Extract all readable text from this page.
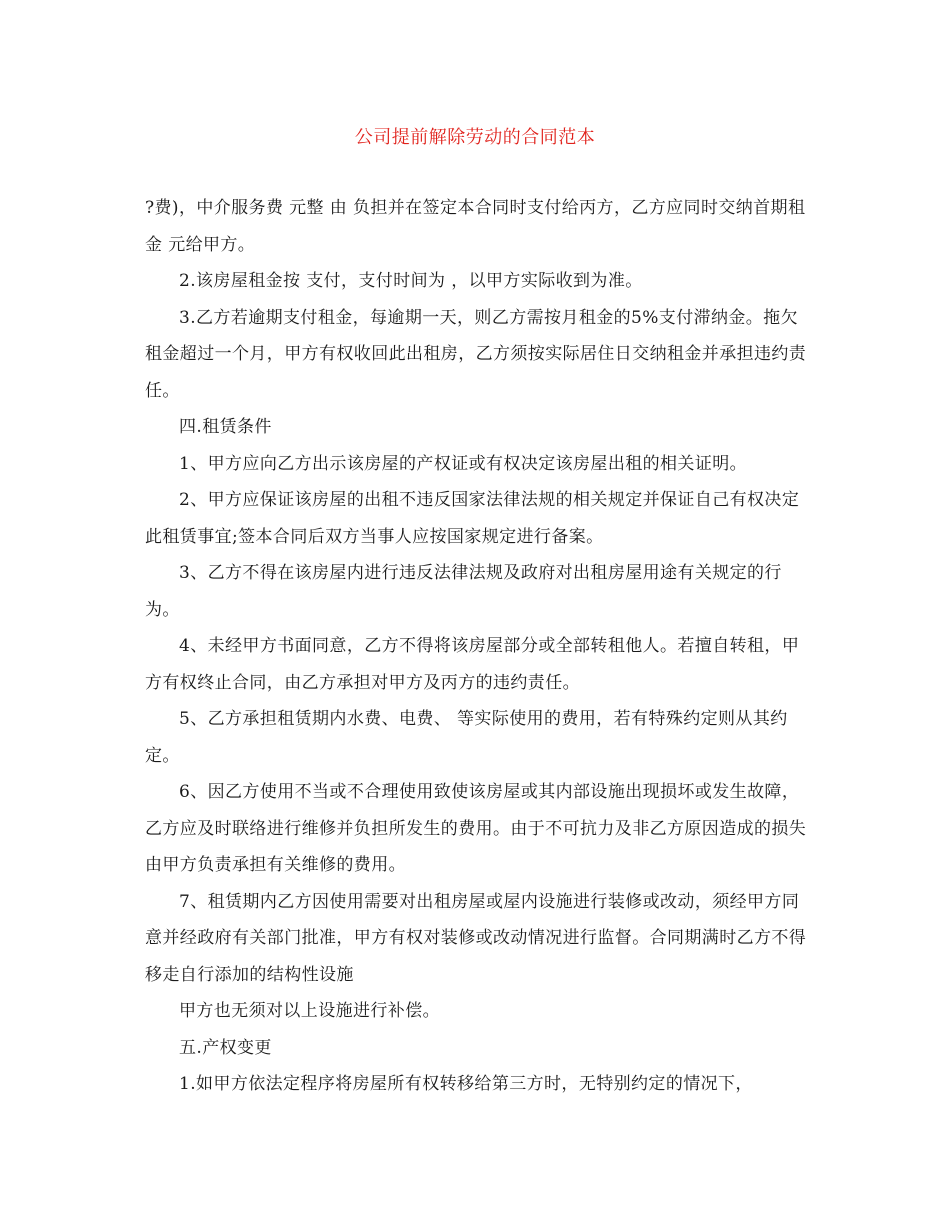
公司提前解除劳动的合同范本

?费)，中介服务费 元整 由 负担并在签定本合同时支付给丙方，乙方应同时交纳首期租金 元给甲方。

2.该房屋租金按 支付，支付时间为 ，以甲方实际收到为准。

3.乙方若逾期支付租金，每逾期一天，则乙方需按月租金的5%支付滞纳金。拖欠租金超过一个月，甲方有权收回此出租房，乙方须按实际居住日交纳租金并承担违约责任。

四.租赁条件

1、甲方应向乙方出示该房屋的产权证或有权决定该房屋出租的相关证明。

2、甲方应保证该房屋的出租不违反国家法律法规的相关规定并保证自己有权决定此租赁事宜;签本合同后双方当事人应按国家规定进行备案。

3、乙方不得在该房屋内进行违反法律法规及政府对出租房屋用途有关规定的行为。

4、未经甲方书面同意，乙方不得将该房屋部分或全部转租他人。若擅自转租，甲方有权终止合同，由乙方承担对甲方及丙方的违约责任。

5、乙方承担租赁期内水费、电费、 等实际使用的费用，若有特殊约定则从其约定。

6、因乙方使用不当或不合理使用致使该房屋或其内部设施出现损坏或发生故障，乙方应及时联络进行维修并负担所发生的费用。由于不可抗力及非乙方原因造成的损失由甲方负责承担有关维修的费用。

7、租赁期内乙方因使用需要对出租房屋或屋内设施进行装修或改动，须经甲方同意并经政府有关部门批准，甲方有权对装修或改动情况进行监督。合同期满时乙方不得移走自行添加的结构性设施

甲方也无须对以上设施进行补偿。

五.产权变更

1.如甲方依法定程序将房屋所有权转移给第三方时，无特别约定的情况下，
